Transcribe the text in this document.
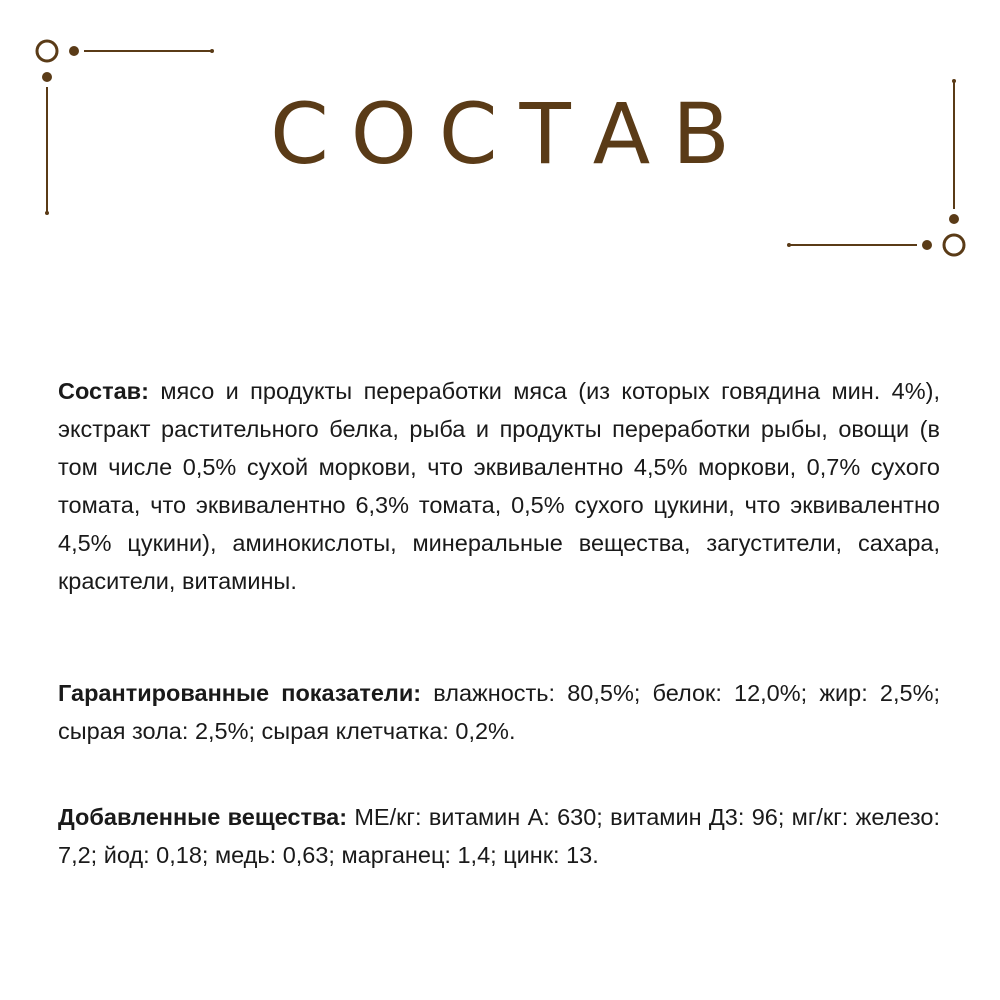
СОСТАВ

Состав: мясо и продукты переработки мяса (из которых говядина мин. 4%), экстракт растительного белка, рыба и продукты переработки рыбы, овощи (в том числе 0,5% сухой моркови, что эквивалентно 4,5% моркови, 0,7% сухого томата, что эквивалентно 6,3% томата, 0,5% сухого цукини, что эквивалентно 4,5% цукини), аминокислоты, минеральные вещества, загустители, сахара, красители, витамины.

Гарантированные показатели: влажность: 80,5%; белок: 12,0%; жир: 2,5%; сырая зола: 2,5%; сырая клетчатка: 0,2%.

Добавленные вещества: МЕ/кг: витамин А: 630; витамин Д3: 96; мг/кг: железо: 7,2; йод: 0,18; медь: 0,63; марганец: 1,4; цинк: 13.
